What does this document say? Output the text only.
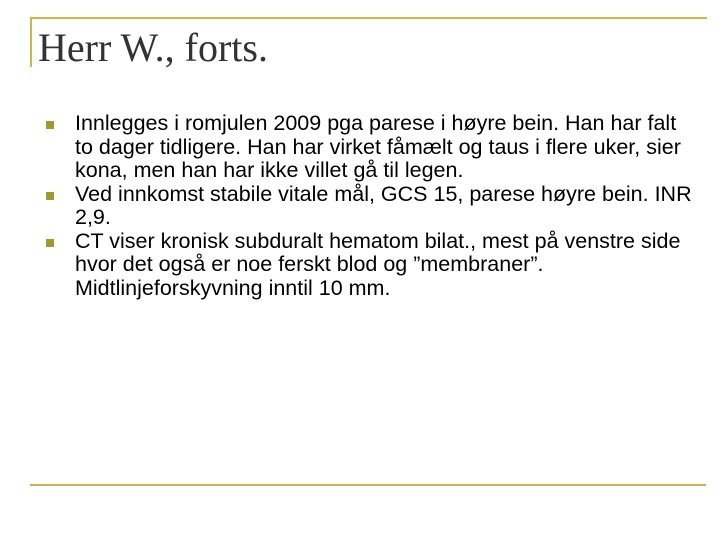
Herr W., forts.
Innlegges i romjulen 2009 pga parese i høyre bein. Han har falt to dager tidligere. Han har virket fåmælt og taus i flere uker, sier kona, men han har ikke villet gå til legen.
Ved innkomst stabile vitale mål, GCS 15, parese høyre bein. INR 2,9.
CT viser kronisk subduralt hematom bilat., mest på venstre side hvor det også er noe ferskt blod og ”membraner”. Midtlinjeforskyvning inntil 10 mm.
